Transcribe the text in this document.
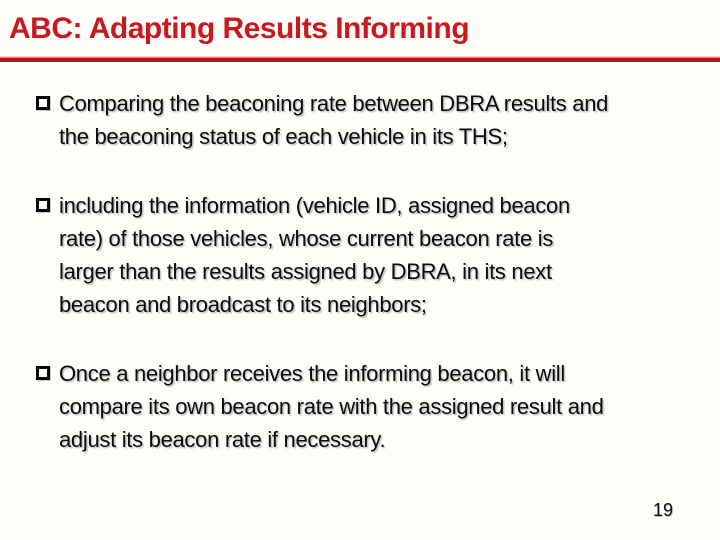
ABC: Adapting Results Informing
Comparing the beaconing rate between DBRA results and
the beaconing status of each vehicle in its THS;
including the information (vehicle ID, assigned beacon
rate) of those vehicles, whose current beacon rate is
larger than the results assigned by DBRA, in its next
beacon and broadcast to its neighbors;
Once a neighbor receives the informing beacon, it will
compare its own beacon rate with the assigned result and
adjust its beacon rate if necessary.
19
